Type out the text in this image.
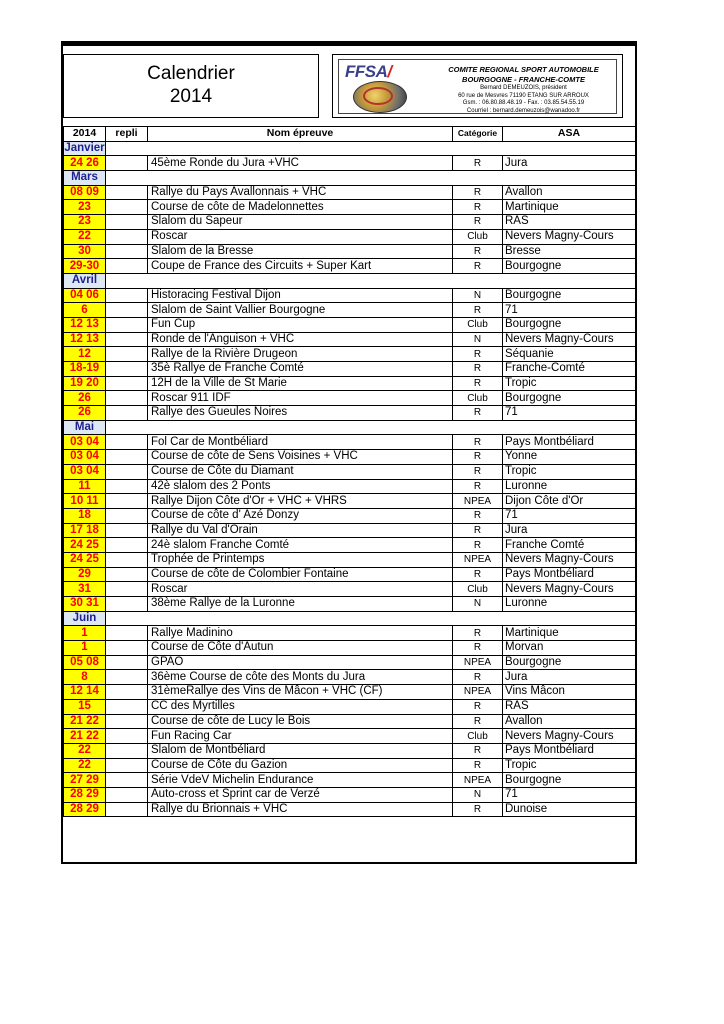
Calendrier
2014
FFSA/	COMITE REGIONAL SPORT AUTOMOBILE
BOURGOGNE - FRANCHE-COMTE
Bernard DEMEUZOIS, président
60 rue de Mesvres 71190 ETANG SUR ARROUX
Gsm. : 06.80.88.48.19 - Fax. : 03.85.54.55.19
Courriel : bernard.demeuzois@wanadoo.fr
2014	repli	Nom épreuve	Catégorie	ASA
Janvier				
24 26		45ème Ronde du Jura +VHC	R	Jura
Mars				
08 09		Rallye du Pays Avallonnais + VHC	R	Avallon
23		Course de côte de Madelonnettes	R	Martinique
23		Slalom du Sapeur	R	RAS
22		Roscar	Club	Nevers Magny-Cours
30		Slalom de la Bresse	R	Bresse
29-30		Coupe de France des Circuits + Super Kart	R	Bourgogne
Avril				
04 06		Historacing Festival Dijon	N	Bourgogne
6		Slalom de Saint Vallier Bourgogne	R	71
12 13		Fun Cup	Club	Bourgogne
12 13		Ronde de l'Anguison + VHC	N	Nevers Magny-Cours
12		Rallye de la Rivière Drugeon	R	Séquanie
18-19		35è Rallye de Franche Comté	R	Franche-Comté
19 20		12H de la Ville de St Marie	R	Tropic
26		Roscar 911 IDF	Club	Bourgogne
26		Rallye des Gueules Noires	R	71
Mai				
03 04		Fol Car de Montbéliard	R	Pays Montbéliard
03 04		Course de côte de Sens Voisines + VHC	R	Yonne
03 04		Course de Côte du Diamant	R	Tropic
11		42è slalom des 2 Ponts	R	Luronne
10 11		Rallye Dijon Côte d'Or + VHC + VHRS	NPEA	Dijon Côte d'Or
18		Course de côte d' Azé Donzy	R	71
17 18		Rallye du Val d'Orain	R	Jura
24 25		24è slalom Franche Comté	R	Franche Comté
24 25		Trophée de Printemps	NPEA	Nevers Magny-Cours
29		Course de côte de Colombier Fontaine	R	Pays Montbéliard
31		Roscar	Club	Nevers Magny-Cours
30 31		38ème Rallye de la Luronne	N	Luronne
Juin				
1		Rallye Madinino	R	Martinique
1		Course de Côte d'Autun	R	Morvan
05 08		GPAO	NPEA	Bourgogne
8		36ème Course de côte des Monts du Jura	R	Jura
12 14		31èmeRallye des Vins de Mâcon + VHC (CF)	NPEA	Vins Mâcon
15		CC des Myrtilles	R	RAS
21 22		Course de côte de Lucy le Bois	R	Avallon
21 22		Fun Racing Car	Club	Nevers Magny-Cours
22		Slalom de Montbéliard	R	Pays Montbéliard
22		Course de Côte du Gazion	R	Tropic
27 29		Série VdeV Michelin Endurance	NPEA	Bourgogne
28 29		Auto-cross et Sprint car de Verzé	N	71
28 29		Rallye du Brionnais + VHC	R	Dunoise
